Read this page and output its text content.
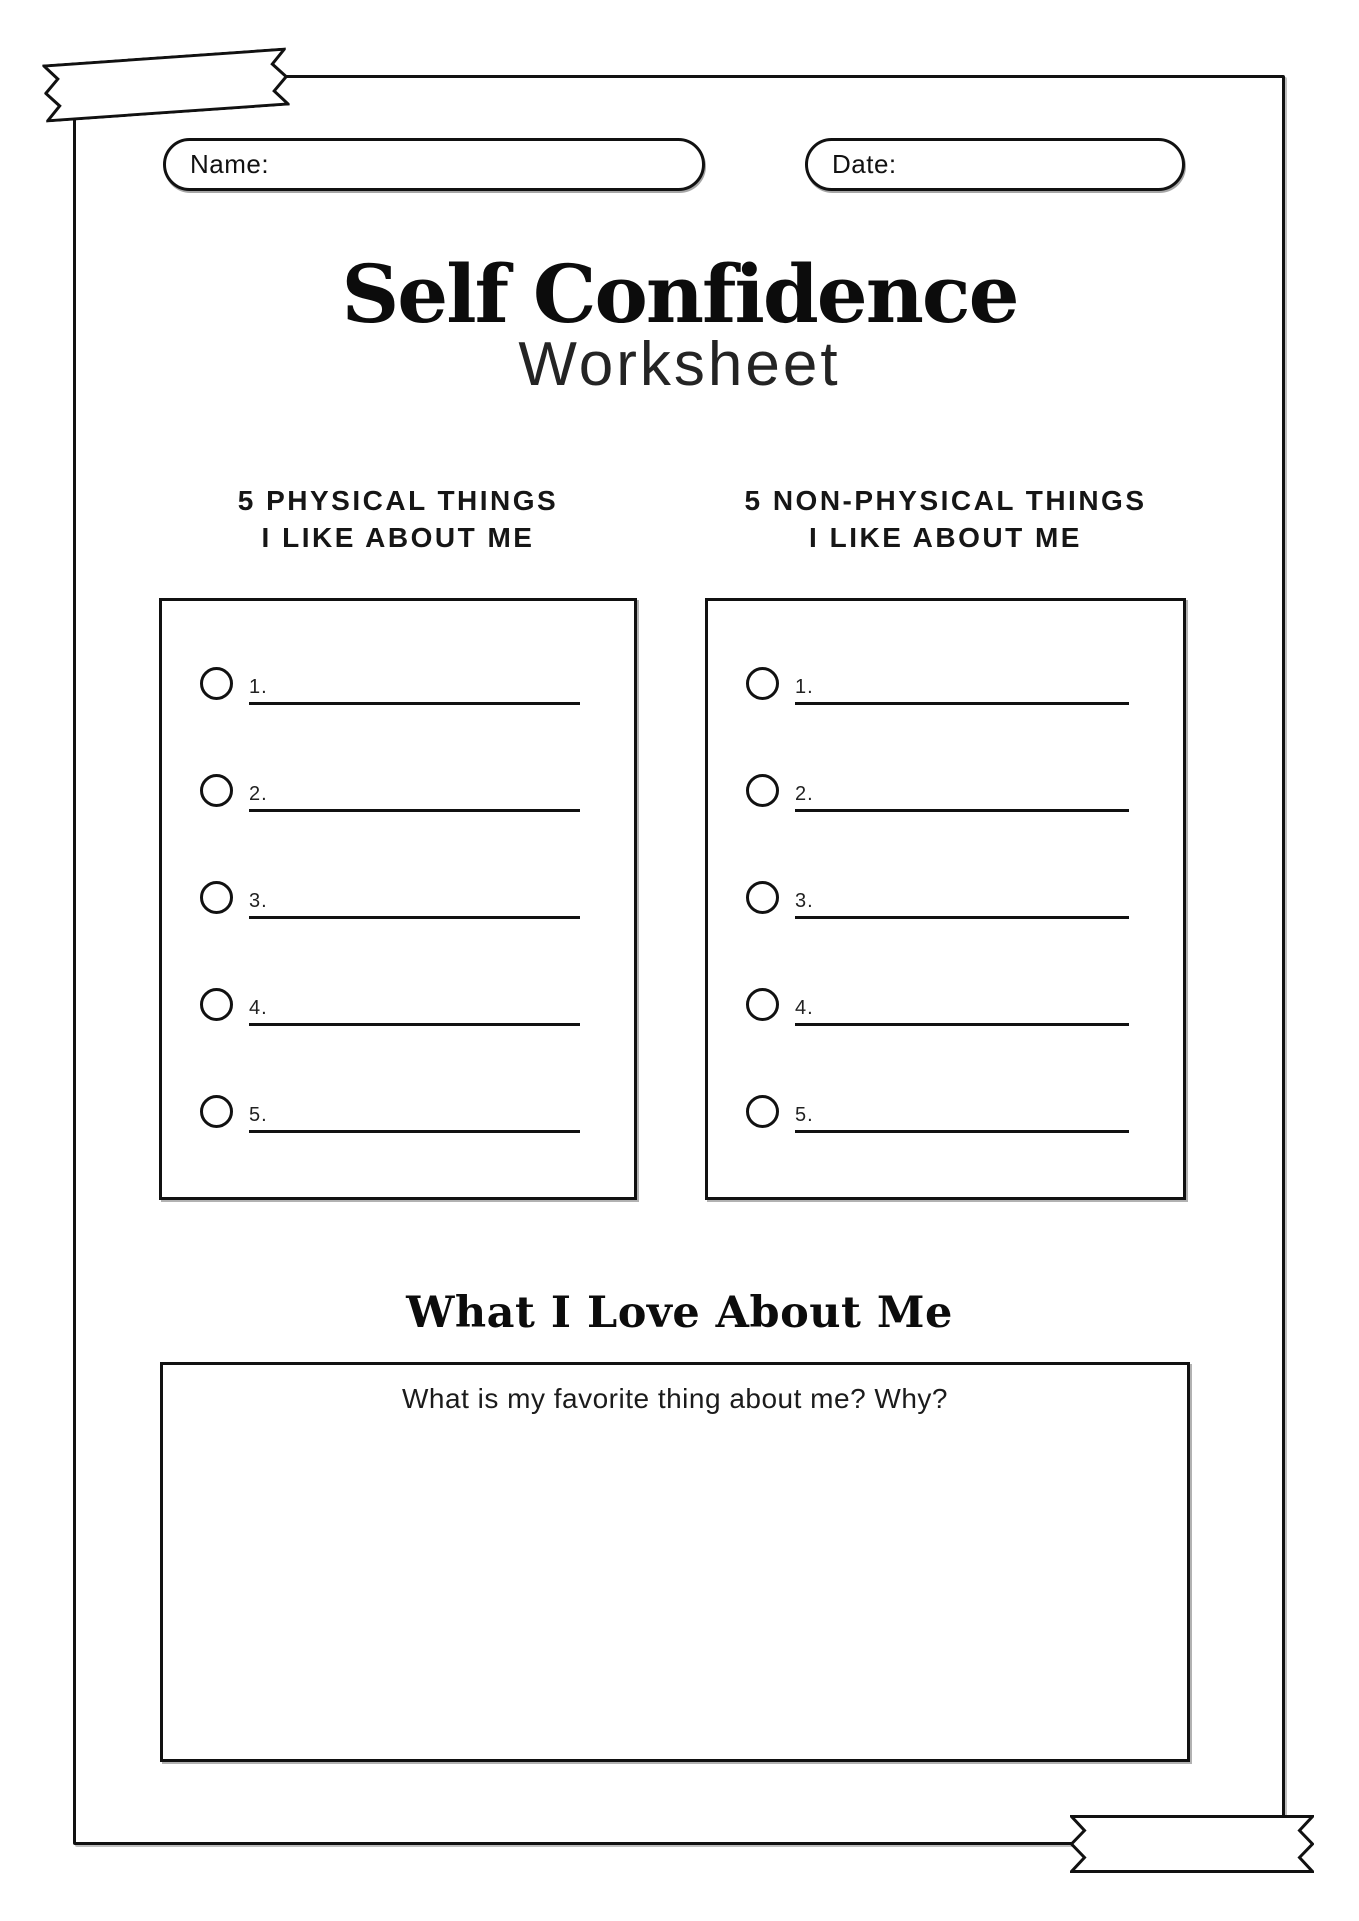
Name:	Date:
Self Confidence
Worksheet
5 PHYSICAL THINGS
I LIKE ABOUT ME
5 NON-PHYSICAL THINGS
I LIKE ABOUT ME
1.
2.
3.
4.
5.
1.
2.
3.
4.
5.
What I Love About Me
What is my favorite thing about me? Why?
